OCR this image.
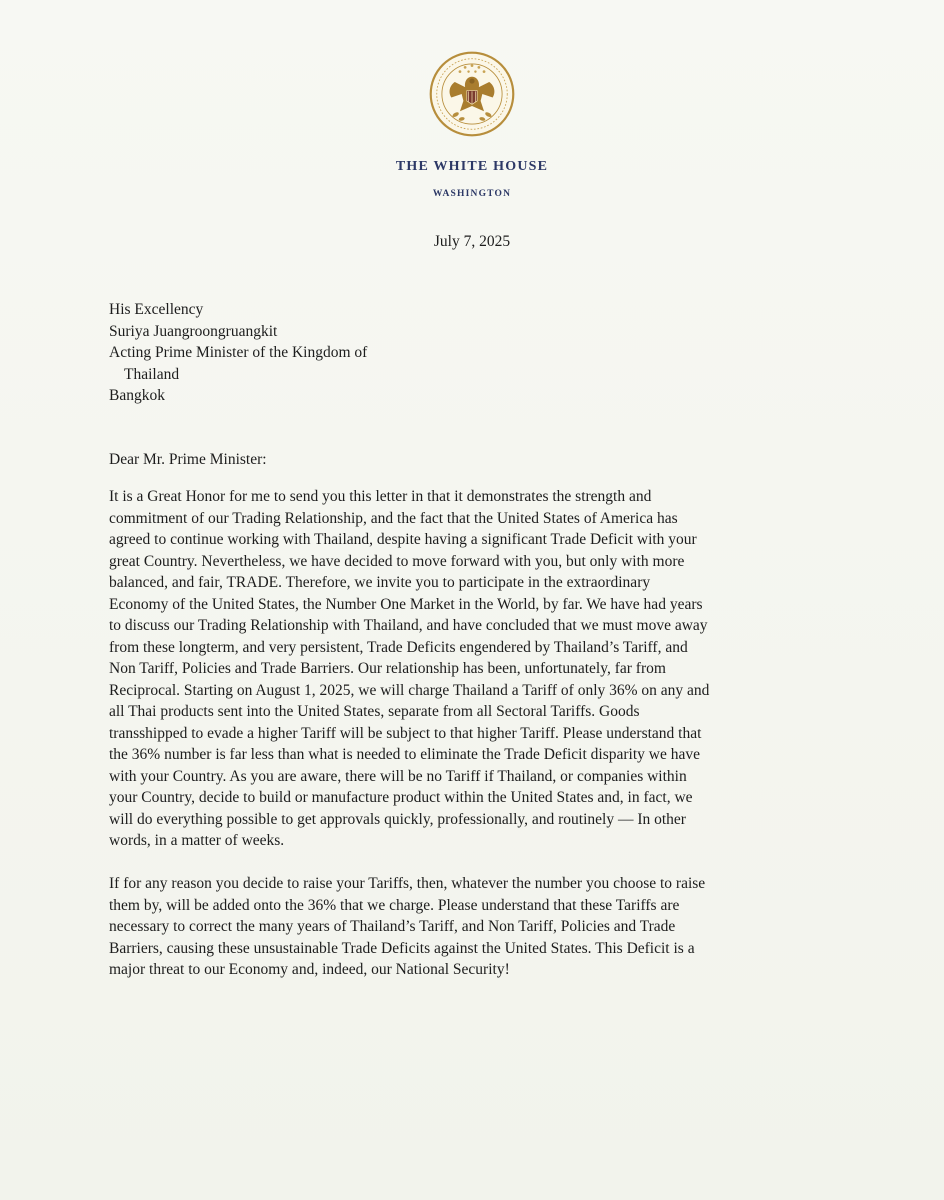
THE WHITE HOUSE
WASHINGTON
July 7, 2025
His Excellency
Suriya Juangroongruangkit
Acting Prime Minister of the Kingdom of
Thailand
Bangkok
Dear Mr. Prime Minister:
It is a Great Honor for me to send you this letter in that it demonstrates the strength and
commitment of our Trading Relationship, and the fact that the United States of America has
agreed to continue working with Thailand, despite having a significant Trade Deficit with your
great Country. Nevertheless, we have decided to move forward with you, but only with more
balanced, and fair, TRADE. Therefore, we invite you to participate in the extraordinary
Economy of the United States, the Number One Market in the World, by far. We have had years
to discuss our Trading Relationship with Thailand, and have concluded that we must move away
from these longterm, and very persistent, Trade Deficits engendered by Thailand’s Tariff, and
Non Tariff, Policies and Trade Barriers. Our relationship has been, unfortunately, far from
Reciprocal. Starting on August 1, 2025, we will charge Thailand a Tariff of only 36% on any and
all Thai products sent into the United States, separate from all Sectoral Tariffs. Goods
transshipped to evade a higher Tariff will be subject to that higher Tariff. Please understand that
the 36% number is far less than what is needed to eliminate the Trade Deficit disparity we have
with your Country. As you are aware, there will be no Tariff if Thailand, or companies within
your Country, decide to build or manufacture product within the United States and, in fact, we
will do everything possible to get approvals quickly, professionally, and routinely — In other
words, in a matter of weeks.
If for any reason you decide to raise your Tariffs, then, whatever the number you choose to raise
them by, will be added onto the 36% that we charge. Please understand that these Tariffs are
necessary to correct the many years of Thailand’s Tariff, and Non Tariff, Policies and Trade
Barriers, causing these unsustainable Trade Deficits against the United States. This Deficit is a
major threat to our Economy and, indeed, our National Security!
